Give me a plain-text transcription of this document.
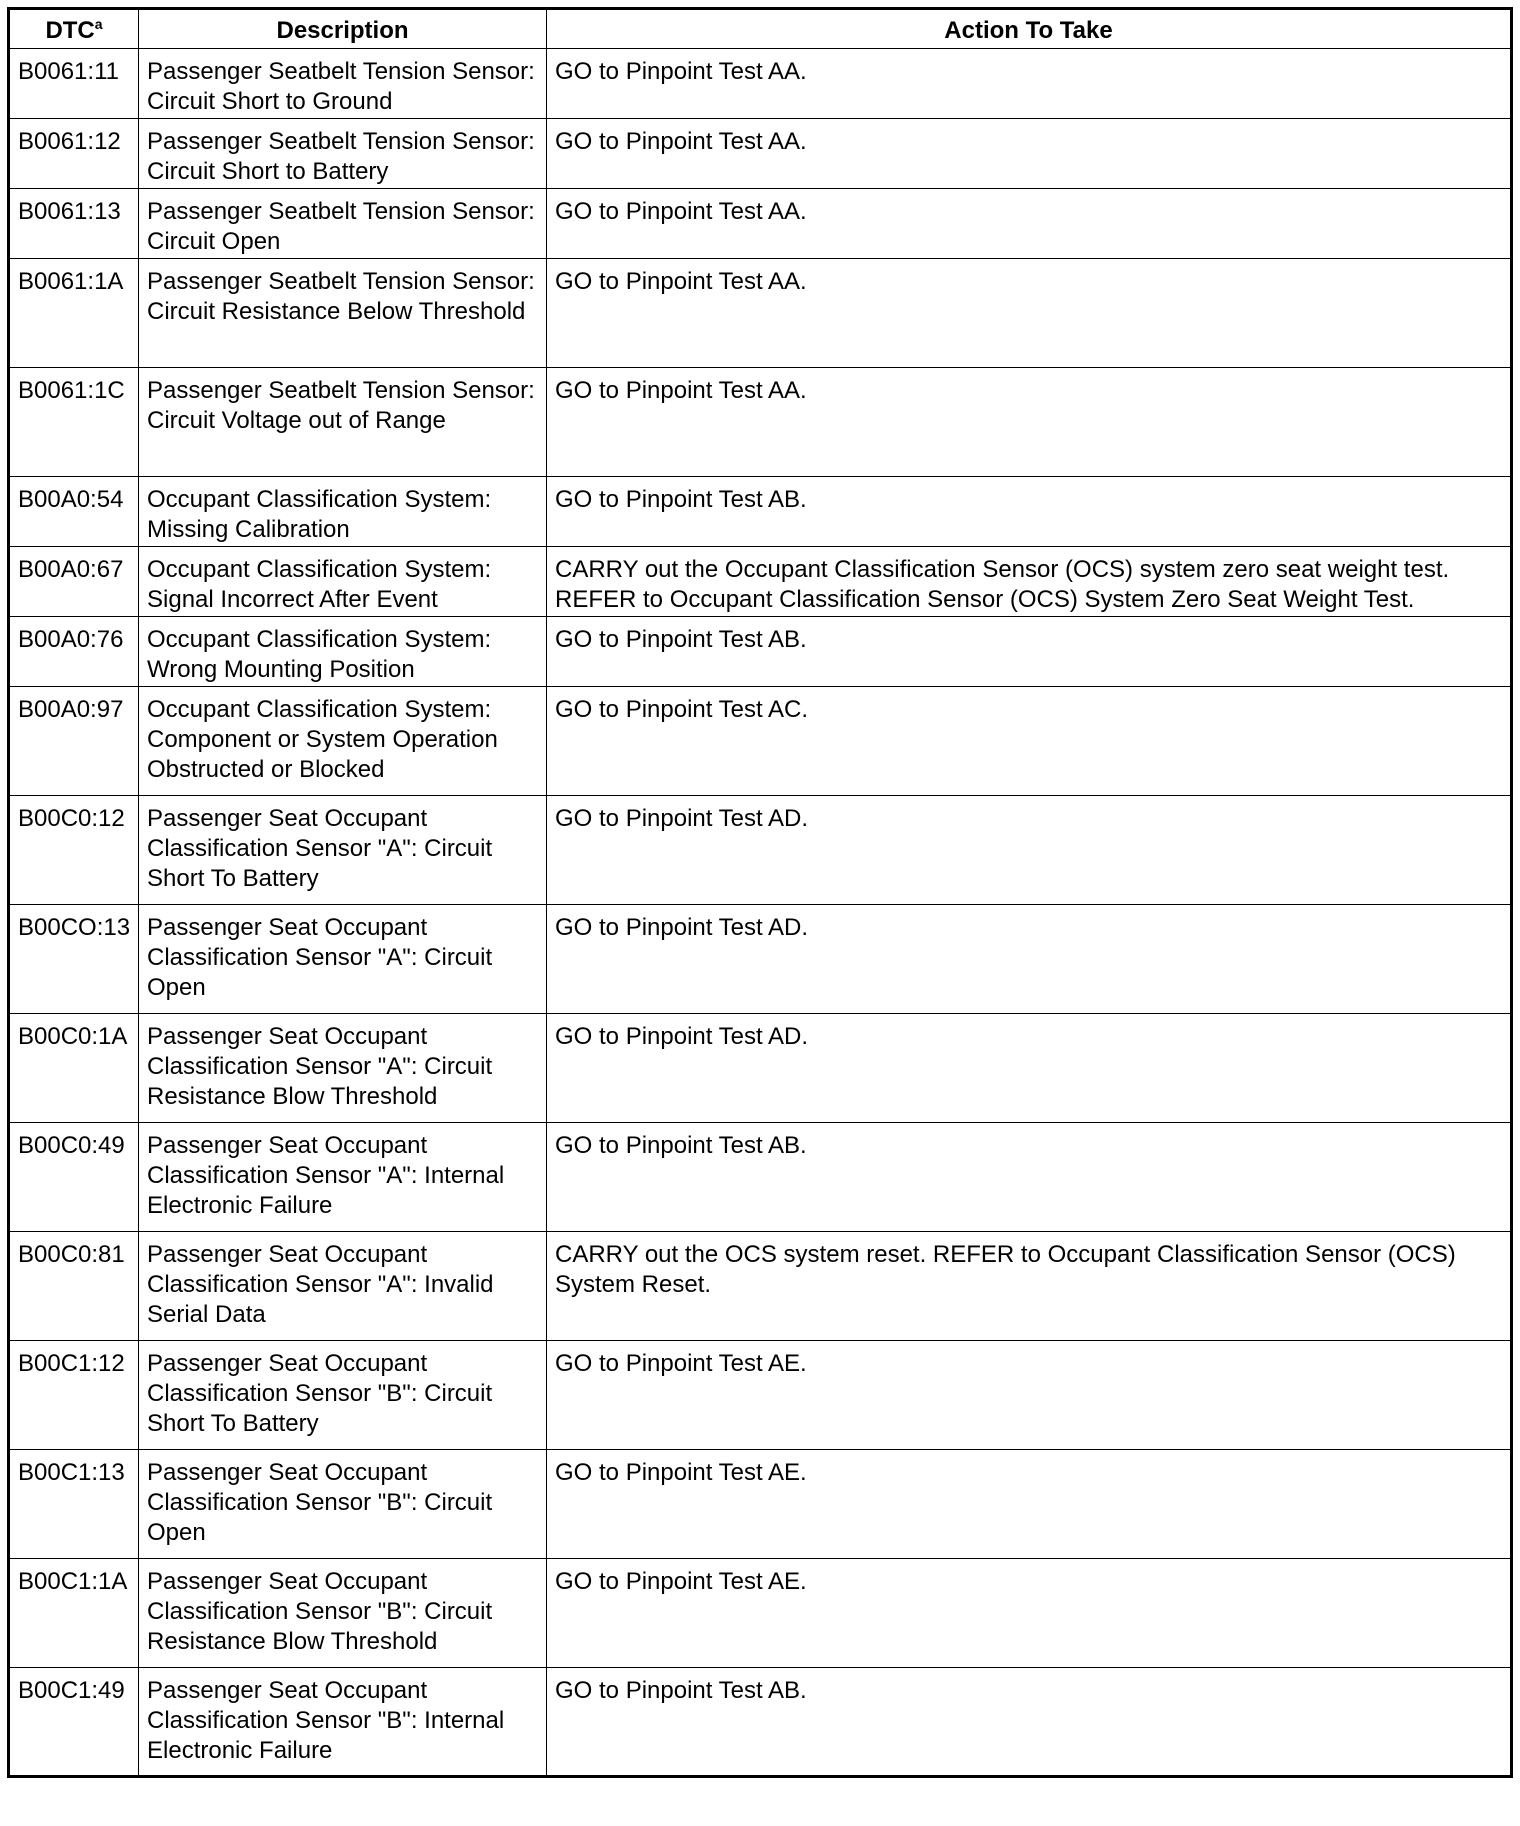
DTC$^a$	Description	Action To Take
B0061:11	Passenger Seatbelt Tension Sensor: Circuit Short to Ground	GO to Pinpoint Test AA.
B0061:12	Passenger Seatbelt Tension Sensor: Circuit Short to Battery	GO to Pinpoint Test AA.
B0061:13	Passenger Seatbelt Tension Sensor: Circuit Open	GO to Pinpoint Test AA.
B0061:1A	Passenger Seatbelt Tension Sensor: Circuit Resistance Below Threshold	GO to Pinpoint Test AA.
B0061:1C	Passenger Seatbelt Tension Sensor: Circuit Voltage out of Range	GO to Pinpoint Test AA.
B00A0:54	Occupant Classification System: Missing Calibration	GO to Pinpoint Test AB.
B00A0:67	Occupant Classification System: Signal Incorrect After Event	CARRY out the Occupant Classification Sensor (OCS) system zero seat weight test. REFER to Occupant Classification Sensor (OCS) System Zero Seat Weight Test.
B00A0:76	Occupant Classification System: Wrong Mounting Position	GO to Pinpoint Test AB.
B00A0:97	Occupant Classification System: Component or System Operation Obstructed or Blocked	GO to Pinpoint Test AC.
B00C0:12	Passenger Seat Occupant Classification Sensor "A": Circuit Short To Battery	GO to Pinpoint Test AD.
B00CO:13	Passenger Seat Occupant Classification Sensor "A": Circuit Open	GO to Pinpoint Test AD.
B00C0:1A	Passenger Seat Occupant Classification Sensor "A": Circuit Resistance Blow Threshold	GO to Pinpoint Test AD.
B00C0:49	Passenger Seat Occupant Classification Sensor "A": Internal Electronic Failure	GO to Pinpoint Test AB.
B00C0:81	Passenger Seat Occupant Classification Sensor "A": Invalid Serial Data	CARRY out the OCS system reset. REFER to Occupant Classification Sensor (OCS) System Reset.
B00C1:12	Passenger Seat Occupant Classification Sensor "B": Circuit Short To Battery	GO to Pinpoint Test AE.
B00C1:13	Passenger Seat Occupant Classification Sensor "B": Circuit Open	GO to Pinpoint Test AE.
B00C1:1A	Passenger Seat Occupant Classification Sensor "B": Circuit Resistance Blow Threshold	GO to Pinpoint Test AE.
B00C1:49	Passenger Seat Occupant Classification Sensor "B": Internal Electronic Failure	GO to Pinpoint Test AB.
